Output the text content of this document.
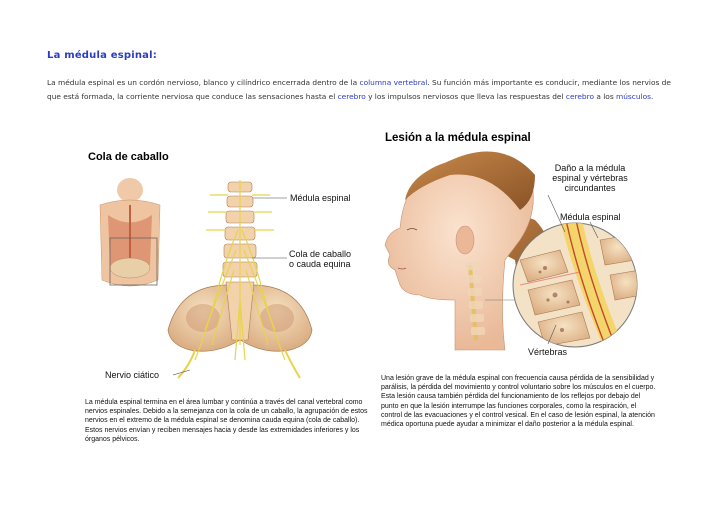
La médula espinal:
La médula espinal es un cordón nervioso, blanco y cilíndrico encerrada dentro de la columna vertebral. Su función más importante es conducir, mediante los nervios de que está formada, la corriente nerviosa que conduce las sensaciones hasta el cerebro y los impulsos nerviosos que lleva las respuestas del cerebro a los músculos.
Cola de caballo
Médula espinal
Cola de caballo
o cauda equina
Nervio ciático
La médula espinal termina en el área lumbar y continúa a través del canal vertebral como nervios espinales. Debido a la semejanza con la cola de un caballo, la agrupación de estos nervios en el extremo de la médula espinal se denomina cauda equina (cola de caballo). Estos nervios envían y reciben mensajes hacia y desde las extremidades inferiores y los órganos pélvicos.
Lesión a la médula espinal
Daño a la médula
espinal y vértebras
circundantes
Médula espinal
Vértebras
Una lesión grave de la médula espinal con frecuencia causa pérdida de la sensibilidad y parálisis, la pérdida del movimiento y control voluntario sobre los músculos en el cuerpo. Esta lesión causa también pérdida del funcionamiento de los reflejos por debajo del punto en que la lesión interrumpe las funciones corporales, como la respiración, el control de las evacuaciones y el control vesical. En el caso de lesión espinal, la atención médica oportuna puede ayudar a minimizar el daño posterior a la médula espinal.
